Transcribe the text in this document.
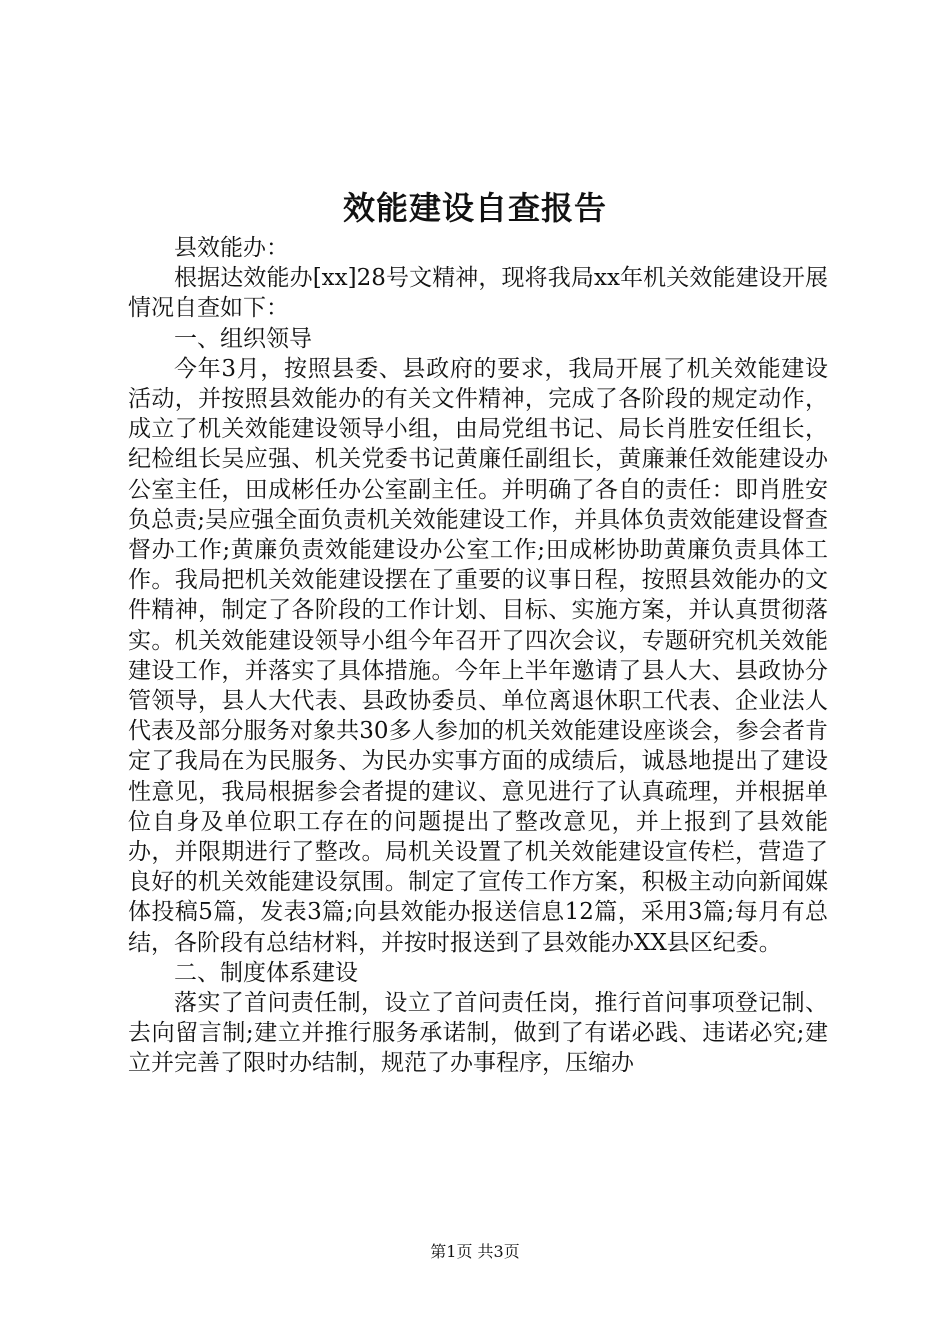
效能建设自查报告

县效能办：

根据达效能办[xx]28号文精神，现将我局xx年机关效能建设开展情况自查如下：

一、组织领导

今年3月，按照县委、县政府的要求，我局开展了机关效能建设活动，并按照县效能办的有关文件精神，完成了各阶段的规定动作，成立了机关效能建设领导小组，由局党组书记、局长肖胜安任组长，纪检组长吴应强、机关党委书记黄廉任副组长，黄廉兼任效能建设办公室主任，田成彬任办公室副主任。并明确了各自的责任：即肖胜安负总责;吴应强全面负责机关效能建设工作，并具体负责效能建设督查督办工作;黄廉负责效能建设办公室工作;田成彬协助黄廉负责具体工作。我局把机关效能建设摆在了重要的议事日程，按照县效能办的文件精神，制定了各阶段的工作计划、目标、实施方案，并认真贯彻落实。机关效能建设领导小组今年召开了四次会议，专题研究机关效能建设工作，并落实了具体措施。今年上半年邀请了县人大、县政协分管领导，县人大代表、县政协委员、单位离退休职工代表、企业法人代表及部分服务对象共30多人参加的机关效能建设座谈会，参会者肯定了我局在为民服务、为民办实事方面的成绩后，诚恳地提出了建设性意见，我局根据参会者提的建议、意见进行了认真疏理，并根据单位自身及单位职工存在的问题提出了整改意见，并上报到了县效能办，并限期进行了整改。局机关设置了机关效能建设宣传栏，营造了良好的机关效能建设氛围。制定了宣传工作方案，积极主动向新闻媒体投稿5篇，发表3篇;向县效能办报送信息12篇，采用3篇;每月有总结，各阶段有总结材料，并按时报送到了县效能办XX县区纪委。

二、制度体系建设

落实了首问责任制，设立了首问责任岗，推行首问事项登记制、去向留言制;建立并推行服务承诺制，做到了有诺必践、违诺必究;建立并完善了限时办结制，规范了办事程序，压缩办

第1页 共3页
